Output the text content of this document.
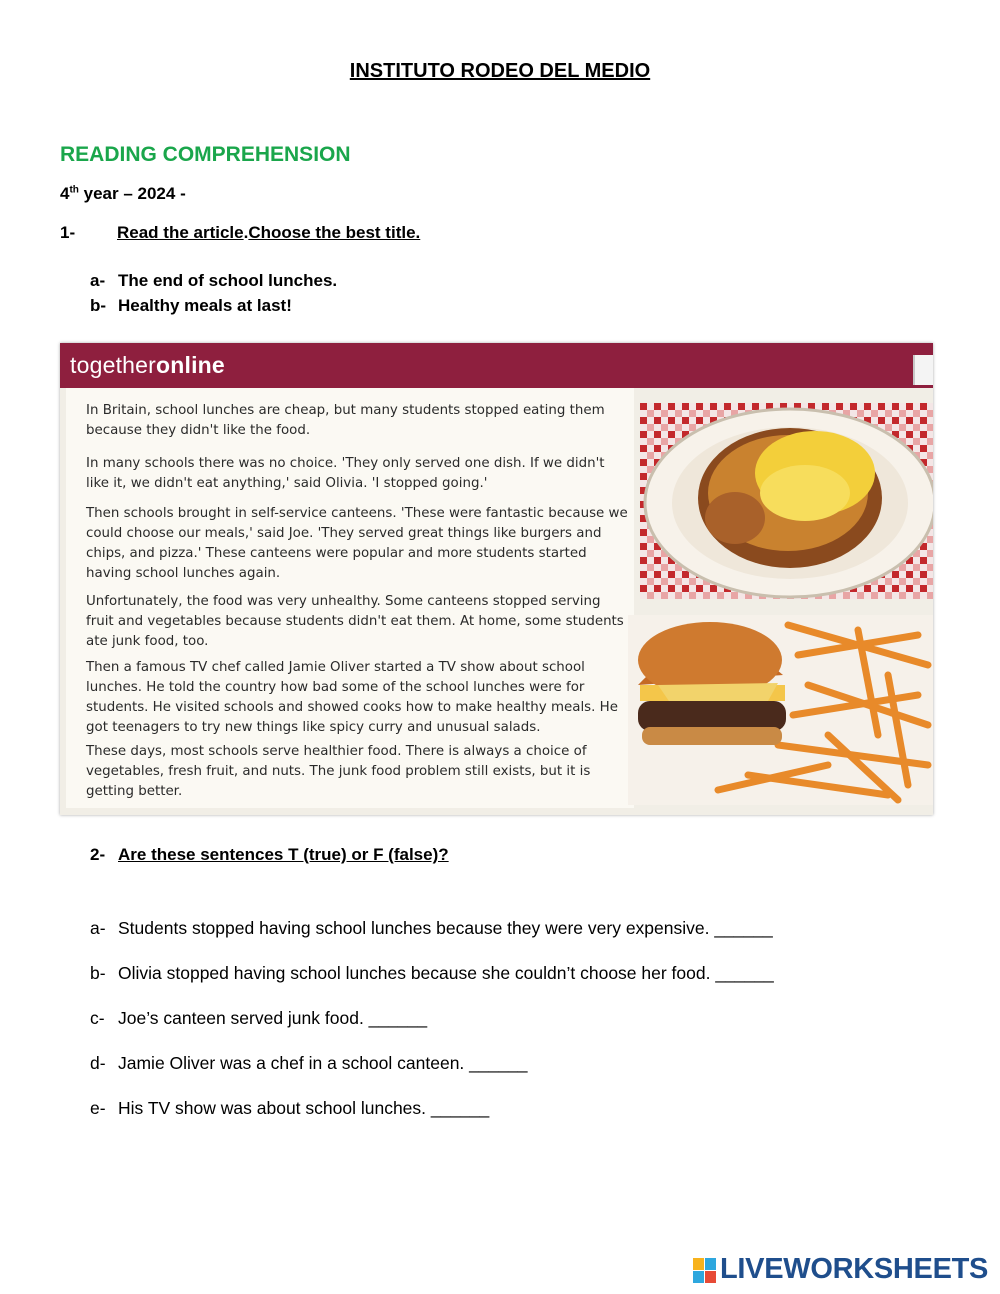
INSTITUTO RODEO DEL MEDIO
READING COMPREHENSION
4th year – 2024 -
1- Read the article.Choose the best title.
a- The end of school lunches.
b- Healthy meals at last!
togetheronline
In Britain, school lunches are cheap, but many students stopped eating them because they didn't like the food.
In many schools there was no choice. 'They only served one dish. If we didn't like it, we didn't eat anything,' said Olivia. 'I stopped going.'
Then schools brought in self-service canteens. 'These were fantastic because we could choose our meals,' said Joe. 'They served great things like burgers and chips, and pizza.' These canteens were popular and more students started having school lunches again.
Unfortunately, the food was very unhealthy. Some canteens stopped serving fruit and vegetables because students didn't eat them. At home, some students ate junk food, too.
Then a famous TV chef called Jamie Oliver started a TV show about school lunches. He told the country how bad some of the school lunches were for students. He visited schools and showed cooks how to make healthy meals. He got teenagers to try new things like spicy curry and unusual salads.
These days, most schools serve healthier food. There is always a choice of vegetables, fresh fruit, and nuts. The junk food problem still exists, but it is getting better.
2- Are these sentences T (true) or F (false)?
a- Students stopped having school lunches because they were very expensive. ______
b- Olivia stopped having school lunches because she couldn’t choose her food. ______
c- Joe’s canteen served junk food. ______
d- Jamie Oliver was a chef in a school canteen. ______
e- His TV show was about school lunches. ______
LIVEWORKSHEETS
